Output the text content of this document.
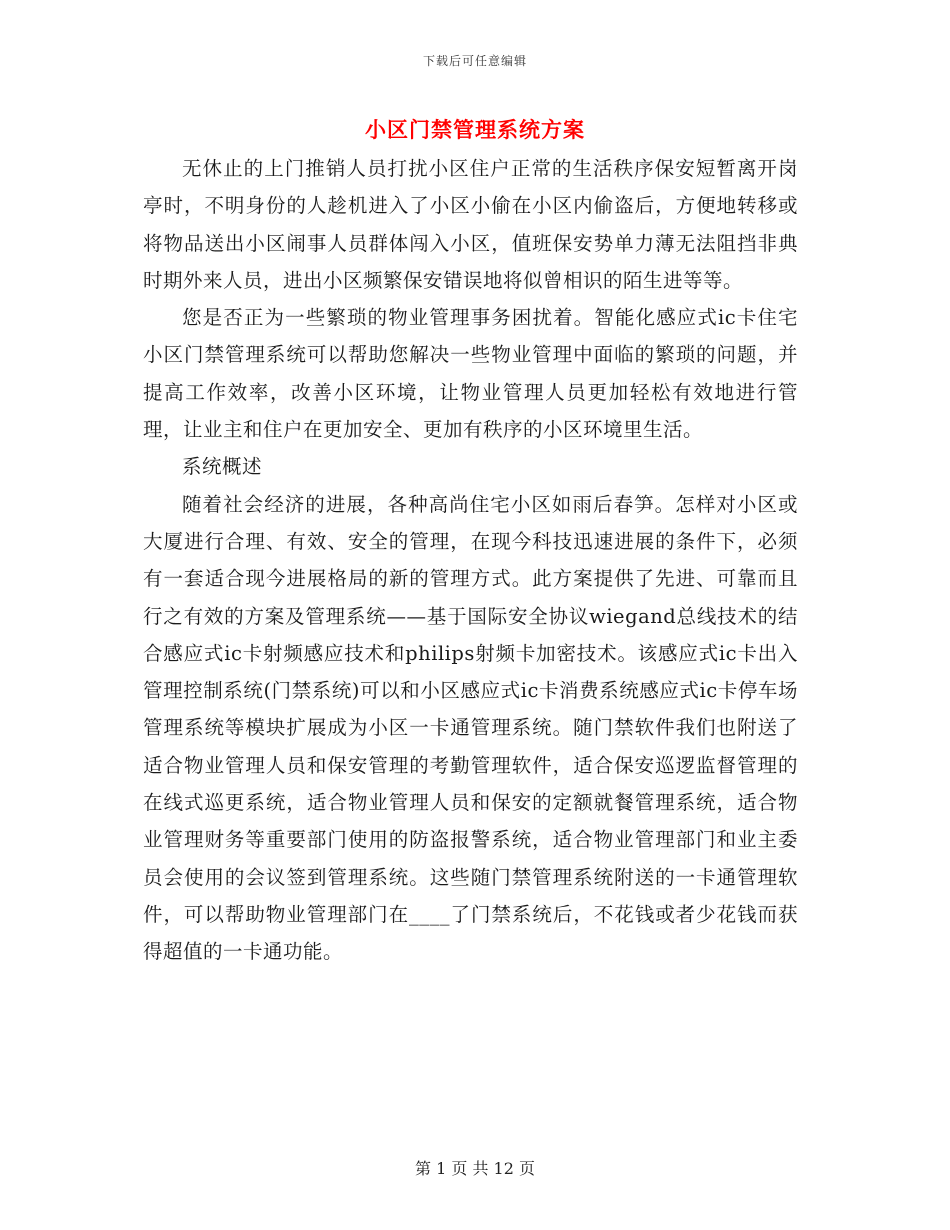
下载后可任意编辑
小区门禁管理系统方案

无休止的上门推销人员打扰小区住户正常的生活秩序保安短暂离开岗亭时，不明身份的人趁机进入了小区小偷在小区内偷盗后，方便地转移或将物品送出小区闹事人员群体闯入小区，值班保安势单力薄无法阻挡非典时期外来人员，进出小区频繁保安错误地将似曾相识的陌生进等等。

您是否正为一些繁琐的物业管理事务困扰着。智能化感应式ic卡住宅小区门禁管理系统可以帮助您解决一些物业管理中面临的繁琐的问题，并提高工作效率，改善小区环境，让物业管理人员更加轻松有效地进行管理，让业主和住户在更加安全、更加有秩序的小区环境里生活。

系统概述

随着社会经济的进展，各种高尚住宅小区如雨后春笋。怎样对小区或大厦进行合理、有效、安全的管理，在现今科技迅速进展的条件下，必须有一套适合现今进展格局的新的管理方式。此方案提供了先进、可靠而且行之有效的方案及管理系统——基于国际安全协议wiegand总线技术的结合感应式ic卡射频感应技术和philips射频卡加密技术。该感应式ic卡出入管理控制系统(门禁系统)可以和小区感应式ic卡消费系统感应式ic卡停车场管理系统等模块扩展成为小区一卡通管理系统。随门禁软件我们也附送了适合物业管理人员和保安管理的考勤管理软件，适合保安巡逻监督管理的在线式巡更系统，适合物业管理人员和保安的定额就餐管理系统，适合物业管理财务等重要部门使用的防盗报警系统，适合物业管理部门和业主委员会使用的会议签到管理系统。这些随门禁管理系统附送的一卡通管理软件，可以帮助物业管理部门在____了门禁系统后，不花钱或者少花钱而获得超值的一卡通功能。

第 1 页 共 12 页
